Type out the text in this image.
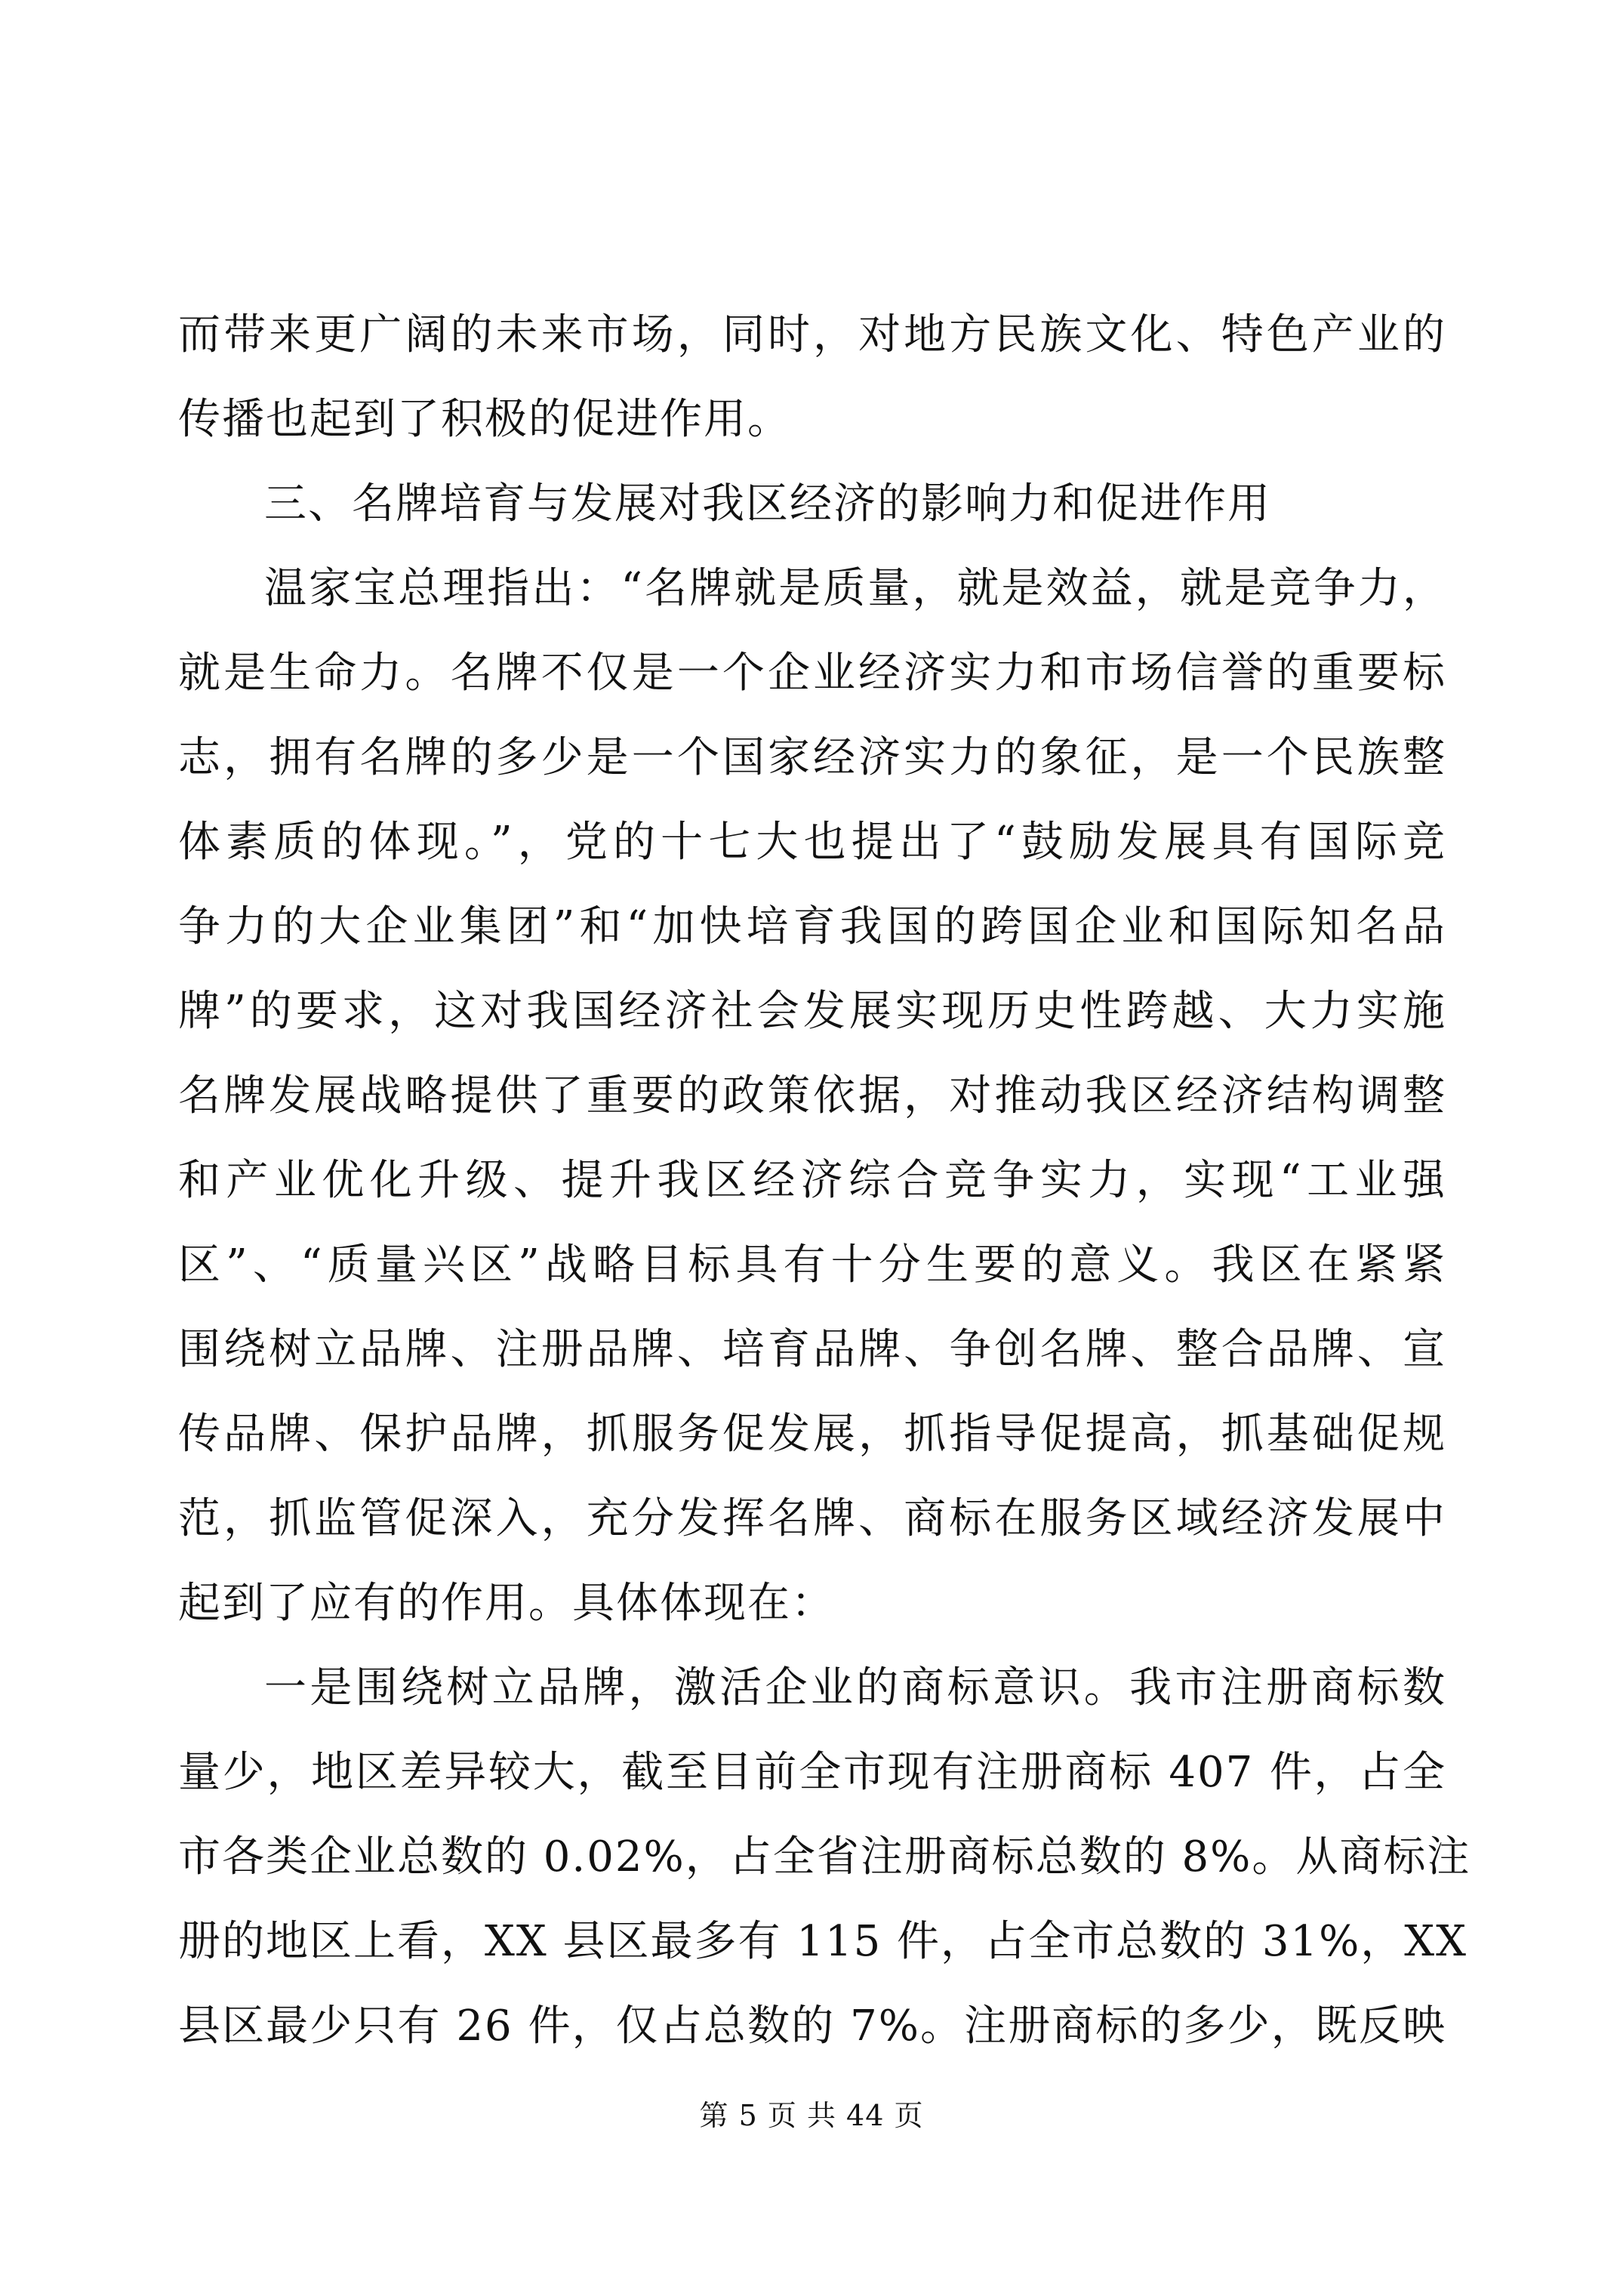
而带来更广阔的未来市场，同时，对地方民族文化、特色产业的
传播也起到了积极的促进作用。
三、名牌培育与发展对我区经济的影响力和促进作用
温家宝总理指出：“名牌就是质量，就是效益，就是竞争力，
就是生命力。名牌不仅是一个企业经济实力和市场信誉的重要标
志，拥有名牌的多少是一个国家经济实力的象征，是一个民族整
体素质的体现。”，党的十七大也提出了“鼓励发展具有国际竞
争力的大企业集团”和“加快培育我国的跨国企业和国际知名品
牌”的要求，这对我国经济社会发展实现历史性跨越、大力实施
名牌发展战略提供了重要的政策依据，对推动我区经济结构调整
和产业优化升级、提升我区经济综合竞争实力，实现“工业强
区”、“质量兴区”战略目标具有十分生要的意义。我区在紧紧
围绕树立品牌、注册品牌、培育品牌、争创名牌、整合品牌、宣
传品牌、保护品牌，抓服务促发展，抓指导促提高，抓基础促规
范，抓监管促深入，充分发挥名牌、商标在服务区域经济发展中
起到了应有的作用。具体体现在：
一是围绕树立品牌，激活企业的商标意识。我市注册商标数
量少，地区差异较大，截至目前全市现有注册商标 407 件，占全
市各类企业总数的 0.02%，占全省注册商标总数的 8%。从商标注
册的地区上看，XX 县区最多有 115 件，占全市总数的 31%，XX
县区最少只有 26 件，仅占总数的 7%。注册商标的多少，既反映
第 5 页 共 44 页
